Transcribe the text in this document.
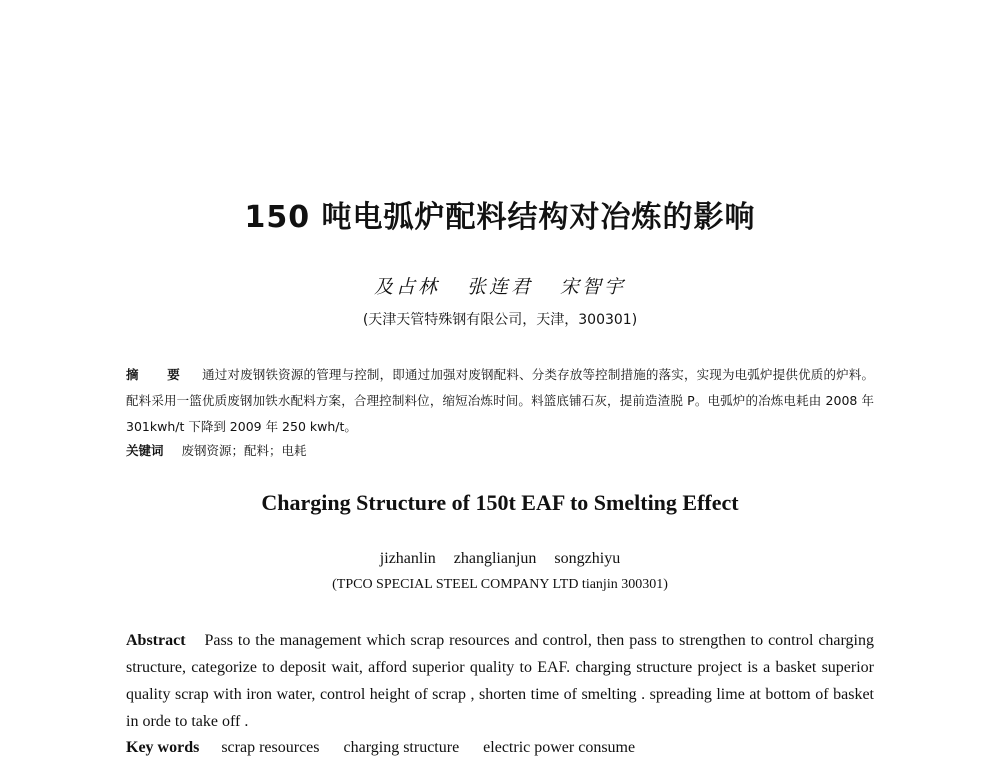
150 吨电弧炉配料结构对冶炼的影响
及占林 张连君 宋智宇
(天津天管特殊钢有限公司，天津，300301)
摘 要 通过对废钢铁资源的管理与控制，即通过加强对废钢配料、分类存放等控制措施的落实，实现为电弧炉提供优质的炉料。配料采用一篮优质废钢加铁水配料方案，合理控制料位，缩短冶炼时间。料篮底铺石灰，提前造渣脱 P。电弧炉的冶炼电耗由 2008 年 301kwh/t 下降到 2009 年 250 kwh/t。
关键词 废钢资源；配料；电耗
Charging Structure of 150t EAF to Smelting Effect
jizhanlin zhanglianjun songzhiyu
(TPCO SPECIAL STEEL COMPANY LTD tianjin 300301)
Abstract Pass to the management which scrap resources and control, then pass to strengthen to control charging structure, categorize to deposit wait, afford superior quality to EAF. charging structure project is a basket superior quality scrap with iron water, control height of scrap , shorten time of smelting . spreading lime at bottom of basket in orde to take off .
Key words scrap resources charging structure electric power consume
